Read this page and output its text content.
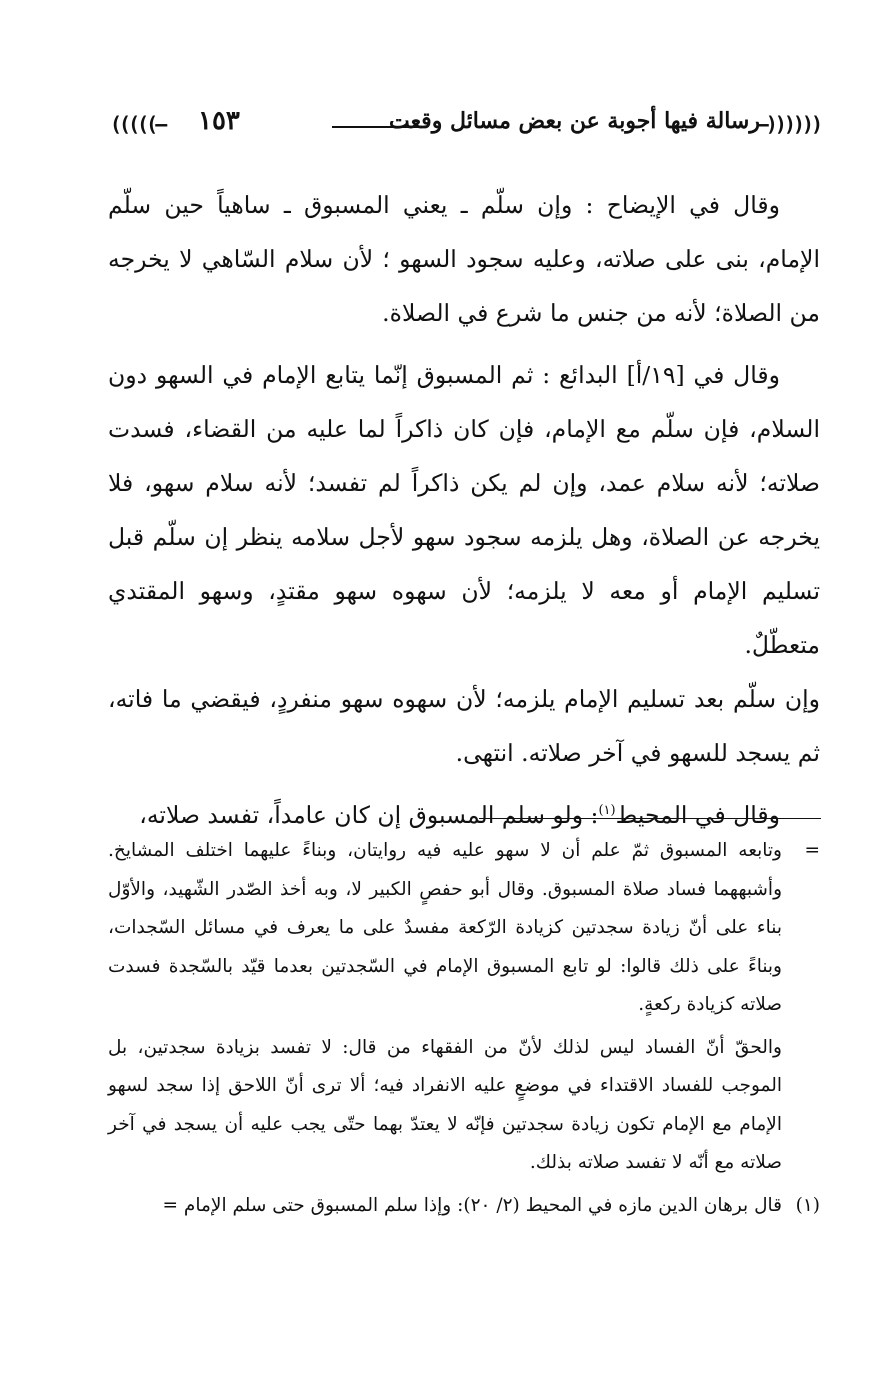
—))))))
رسالة فيها أجوبة عن بعض مسائل وقعت
١٥٣
(((((—

وقال في الإيضاح : وإن سلّم ـ يعني المسبوق ـ ساهياً حين سلّم الإمام، بنى على صلاته، وعليه سجود السهو ؛ لأن سلام السّاهي لا يخرجه من الصلاة؛ لأنه من جنس ما شرع في الصلاة.

وقال في [١٩/أ] البدائع : ثم المسبوق إنّما يتابع الإمام في السهو دون السلام، فإن سلّم مع الإمام، فإن كان ذاكراً لما عليه من القضاء، فسدت صلاته؛ لأنه سلام عمد، وإن لم يكن ذاكراً لم تفسد؛ لأنه سلام سهو، فلا يخرجه عن الصلاة، وهل يلزمه سجود سهو لأجل سلامه ينظر إن سلّم قبل تسليم الإمام أو معه لا يلزمه؛ لأن سهوه سهو مقتدٍ، وسهو المقتدي متعطّلٌ.

وإن سلّم بعد تسليم الإمام يلزمه؛ لأن سهوه سهو منفردٍ، فيقضي ما فاته، ثم يسجد للسهو في آخر صلاته. انتهى.

وقال في المحيط$^{(١)}$: ولو سلم المسبوق إن كان عامداً، تفسد صلاته،

=
وتابعه المسبوق ثمّ علم أن لا سهو عليه فيه روايتان، وبناءً عليهما اختلف المشايخ. وأشبههما فساد صلاة المسبوق. وقال أبو حفصٍ الكبير لا، وبه أخذ الصّدر الشّهيد، والأوّل بناء على أنّ زيادة سجدتين كزيادة الرّكعة مفسدٌ على ما يعرف في مسائل السّجدات، وبناءً على ذلك قالوا: لو تابع المسبوق الإمام في السّجدتين بعدما قيّد بالسّجدة فسدت صلاته كزيادة ركعةٍ.
والحقّ أنّ الفساد ليس لذلك لأنّ من الفقهاء من قال: لا تفسد بزيادة سجدتين، بل الموجب للفساد الاقتداء في موضعٍ عليه الانفراد فيه؛ ألا ترى أنّ اللاحق إذا سجد لسهو الإمام مع الإمام تكون زيادة سجدتين فإنّه لا يعتدّ بهما حتّى يجب عليه أن يسجد في آخر صلاته مع أنّه لا تفسد صلاته بذلك.
(١)
قال برهان الدين مازه في المحيط (٢/ ٢٠): وإذا سلم المسبوق حتى سلم الإمام =
